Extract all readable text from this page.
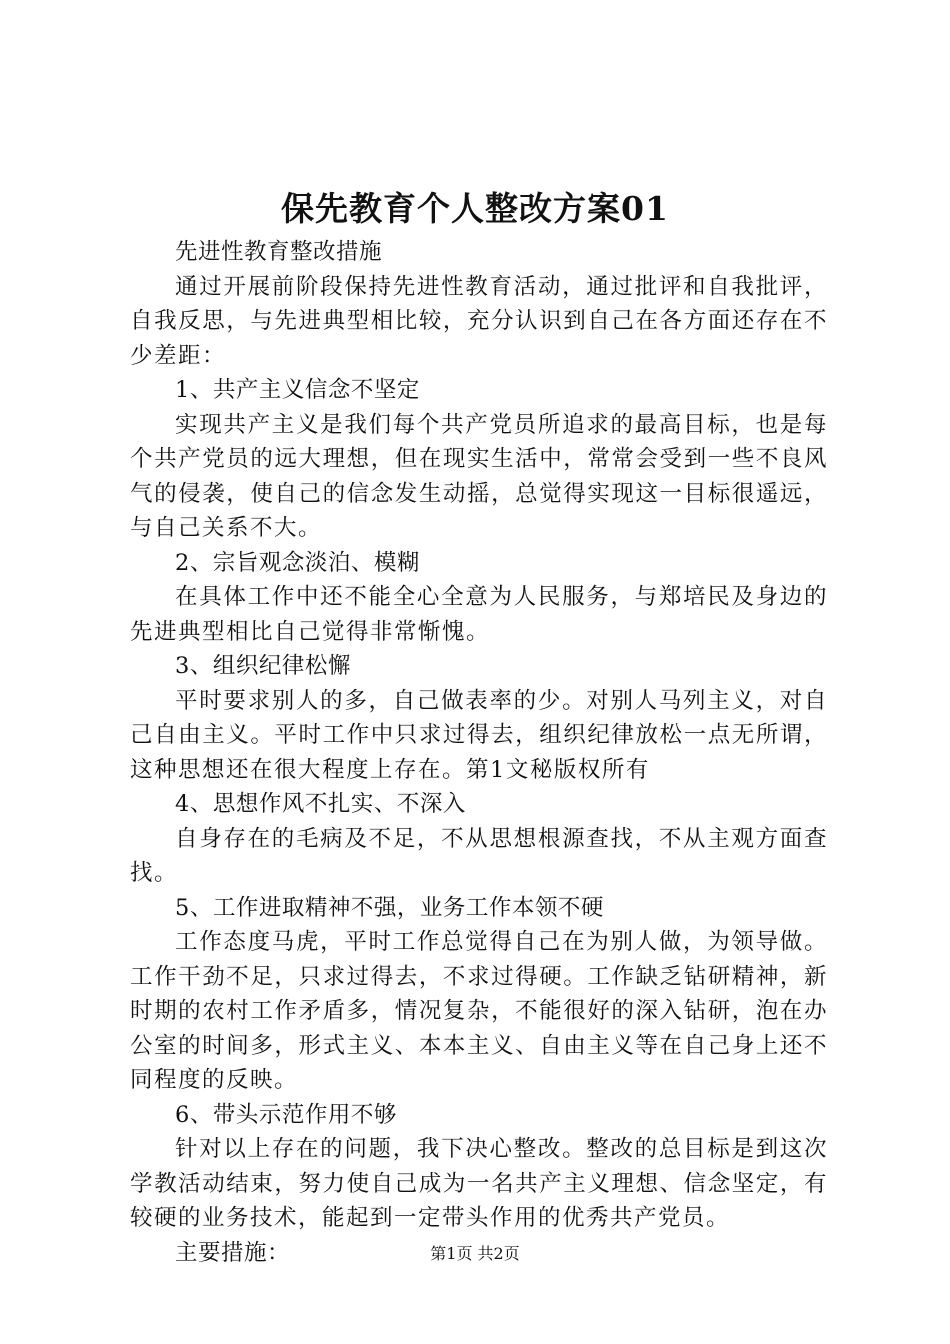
保先教育个人整改方案01

先进性教育整改措施

通过开展前阶段保持先进性教育活动，通过批评和自我批评，自我反思，与先进典型相比较，充分认识到自己在各方面还存在不少差距：

1、共产主义信念不坚定

实现共产主义是我们每个共产党员所追求的最高目标，也是每个共产党员的远大理想，但在现实生活中，常常会受到一些不良风气的侵袭，使自己的信念发生动摇，总觉得实现这一目标很遥远，与自己关系不大。

2、宗旨观念淡泊、模糊

在具体工作中还不能全心全意为人民服务，与郑培民及身边的先进典型相比自己觉得非常惭愧。

3、组织纪律松懈

平时要求别人的多，自己做表率的少。对别人马列主义，对自己自由主义。平时工作中只求过得去，组织纪律放松一点无所谓，这种思想还在很大程度上存在。第1文秘版权所有

4、思想作风不扎实、不深入

自身存在的毛病及不足，不从思想根源查找，不从主观方面查找。

5、工作进取精神不强，业务工作本领不硬

工作态度马虎，平时工作总觉得自己在为别人做，为领导做。工作干劲不足，只求过得去，不求过得硬。工作缺乏钻研精神，新时期的农村工作矛盾多，情况复杂，不能很好的深入钻研，泡在办公室的时间多，形式主义、本本主义、自由主义等在自己身上还不同程度的反映。

6、带头示范作用不够

针对以上存在的问题，我下决心整改。整改的总目标是到这次学教活动结束，努力使自己成为一名共产主义理想、信念坚定，有较硬的业务技术，能起到一定带头作用的优秀共产党员。

主要措施：	第1页 共2页
